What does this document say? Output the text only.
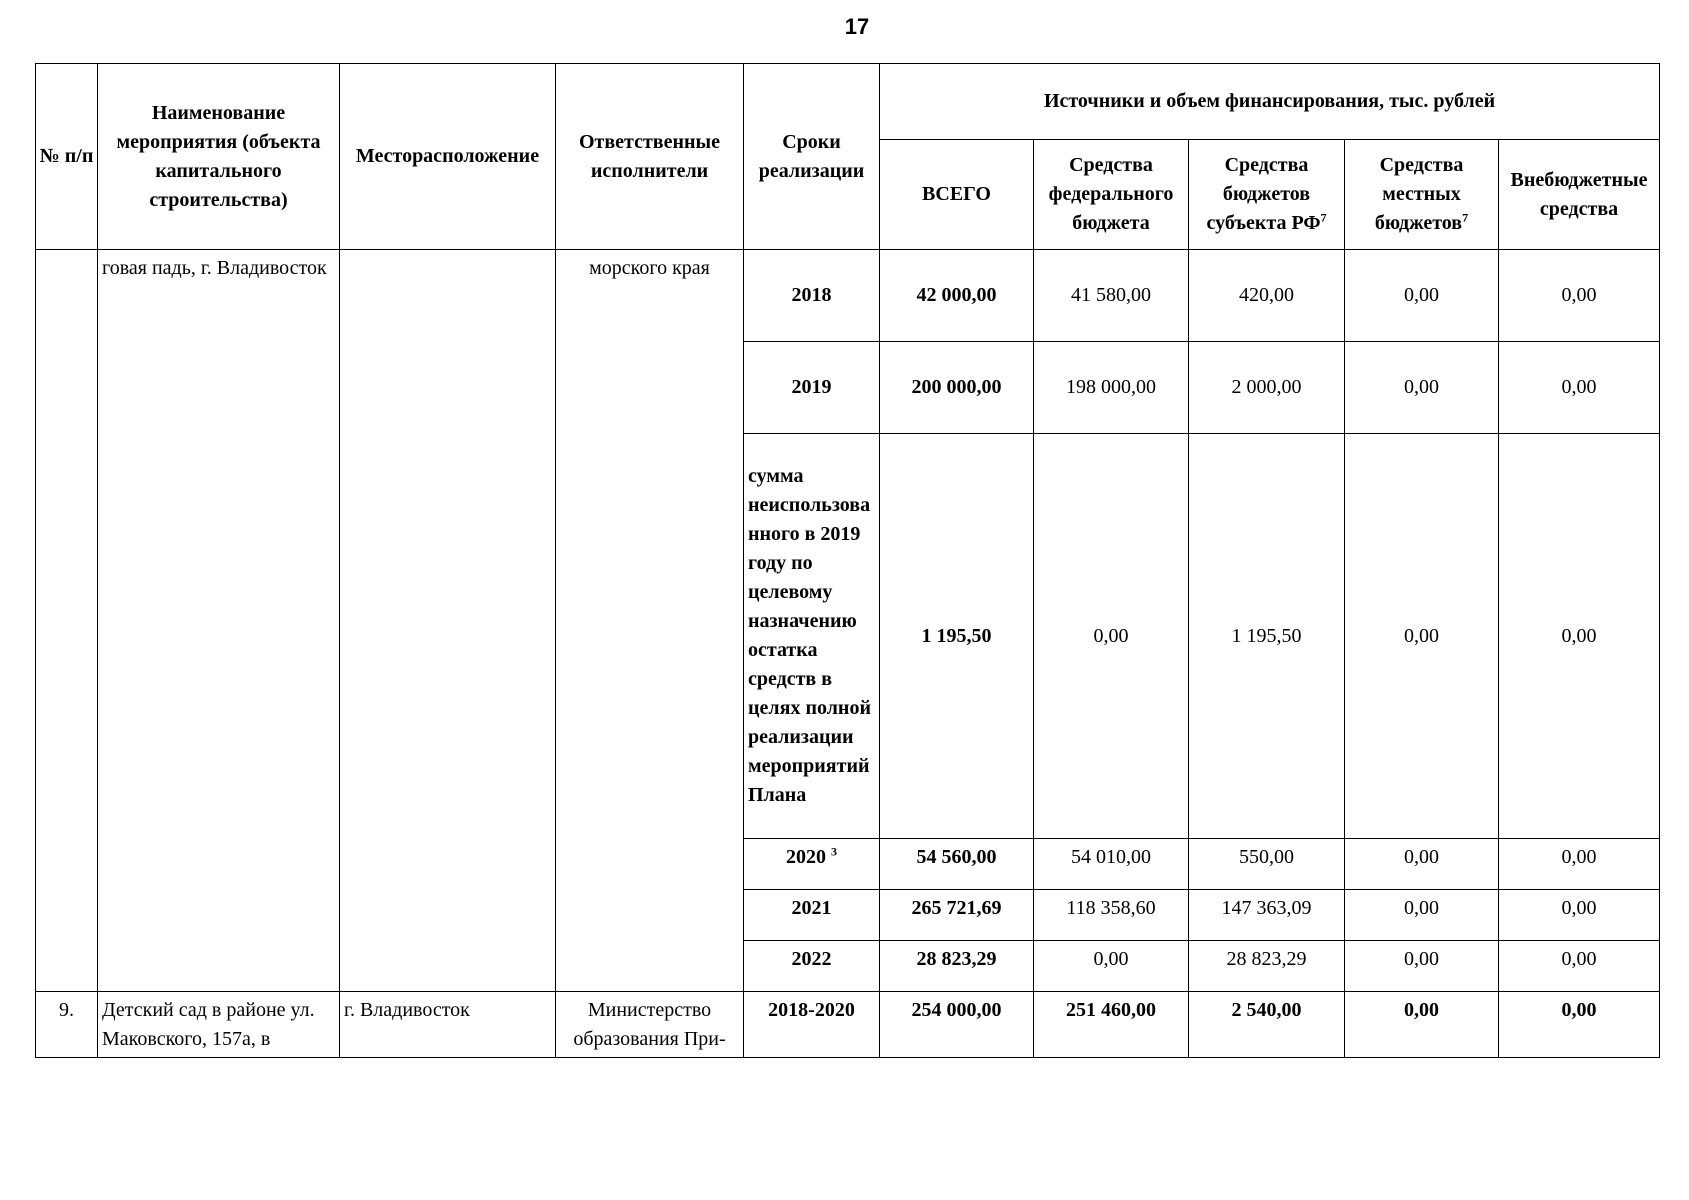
17
№ п/п	Наименование мероприятия (объекта капитального строительства)	Месторасположение	Ответственные исполнители	Сроки реализации	Источники и объем финансирования, тыс. рублей				
					ВСЕГО	Средства федерального бюджета	Средства бюджетов субъекта $РФ^7$	Средства местных бюджетов$^7$	Внебюджетные средства
	говая падь, г. Владивосток		морского края	2018	42 000,00	41 580,00	420,00	0,00	0,00
				2019	200 000,00	198 000,00	2 000,00	0,00	0,00
				сумма неиспользованного в 2019 году по целевому назначению остатка средств в целях полной реализации мероприятий Плана	1 195,50	0,00	1 195,50	0,00	0,00
				2020 $^3$	54 560,00	54 010,00	550,00	0,00	0,00
				2021	265 721,69	118 358,60	147 363,09	0,00	0,00
				2022	28 823,29	0,00	28 823,29	0,00	0,00
9.	Детский сад в районе ул. Маковского, 157а, в	г. Владивосток	Министерство образования При-	2018-2020	254 000,00	251 460,00	2 540,00	0,00	0,00
